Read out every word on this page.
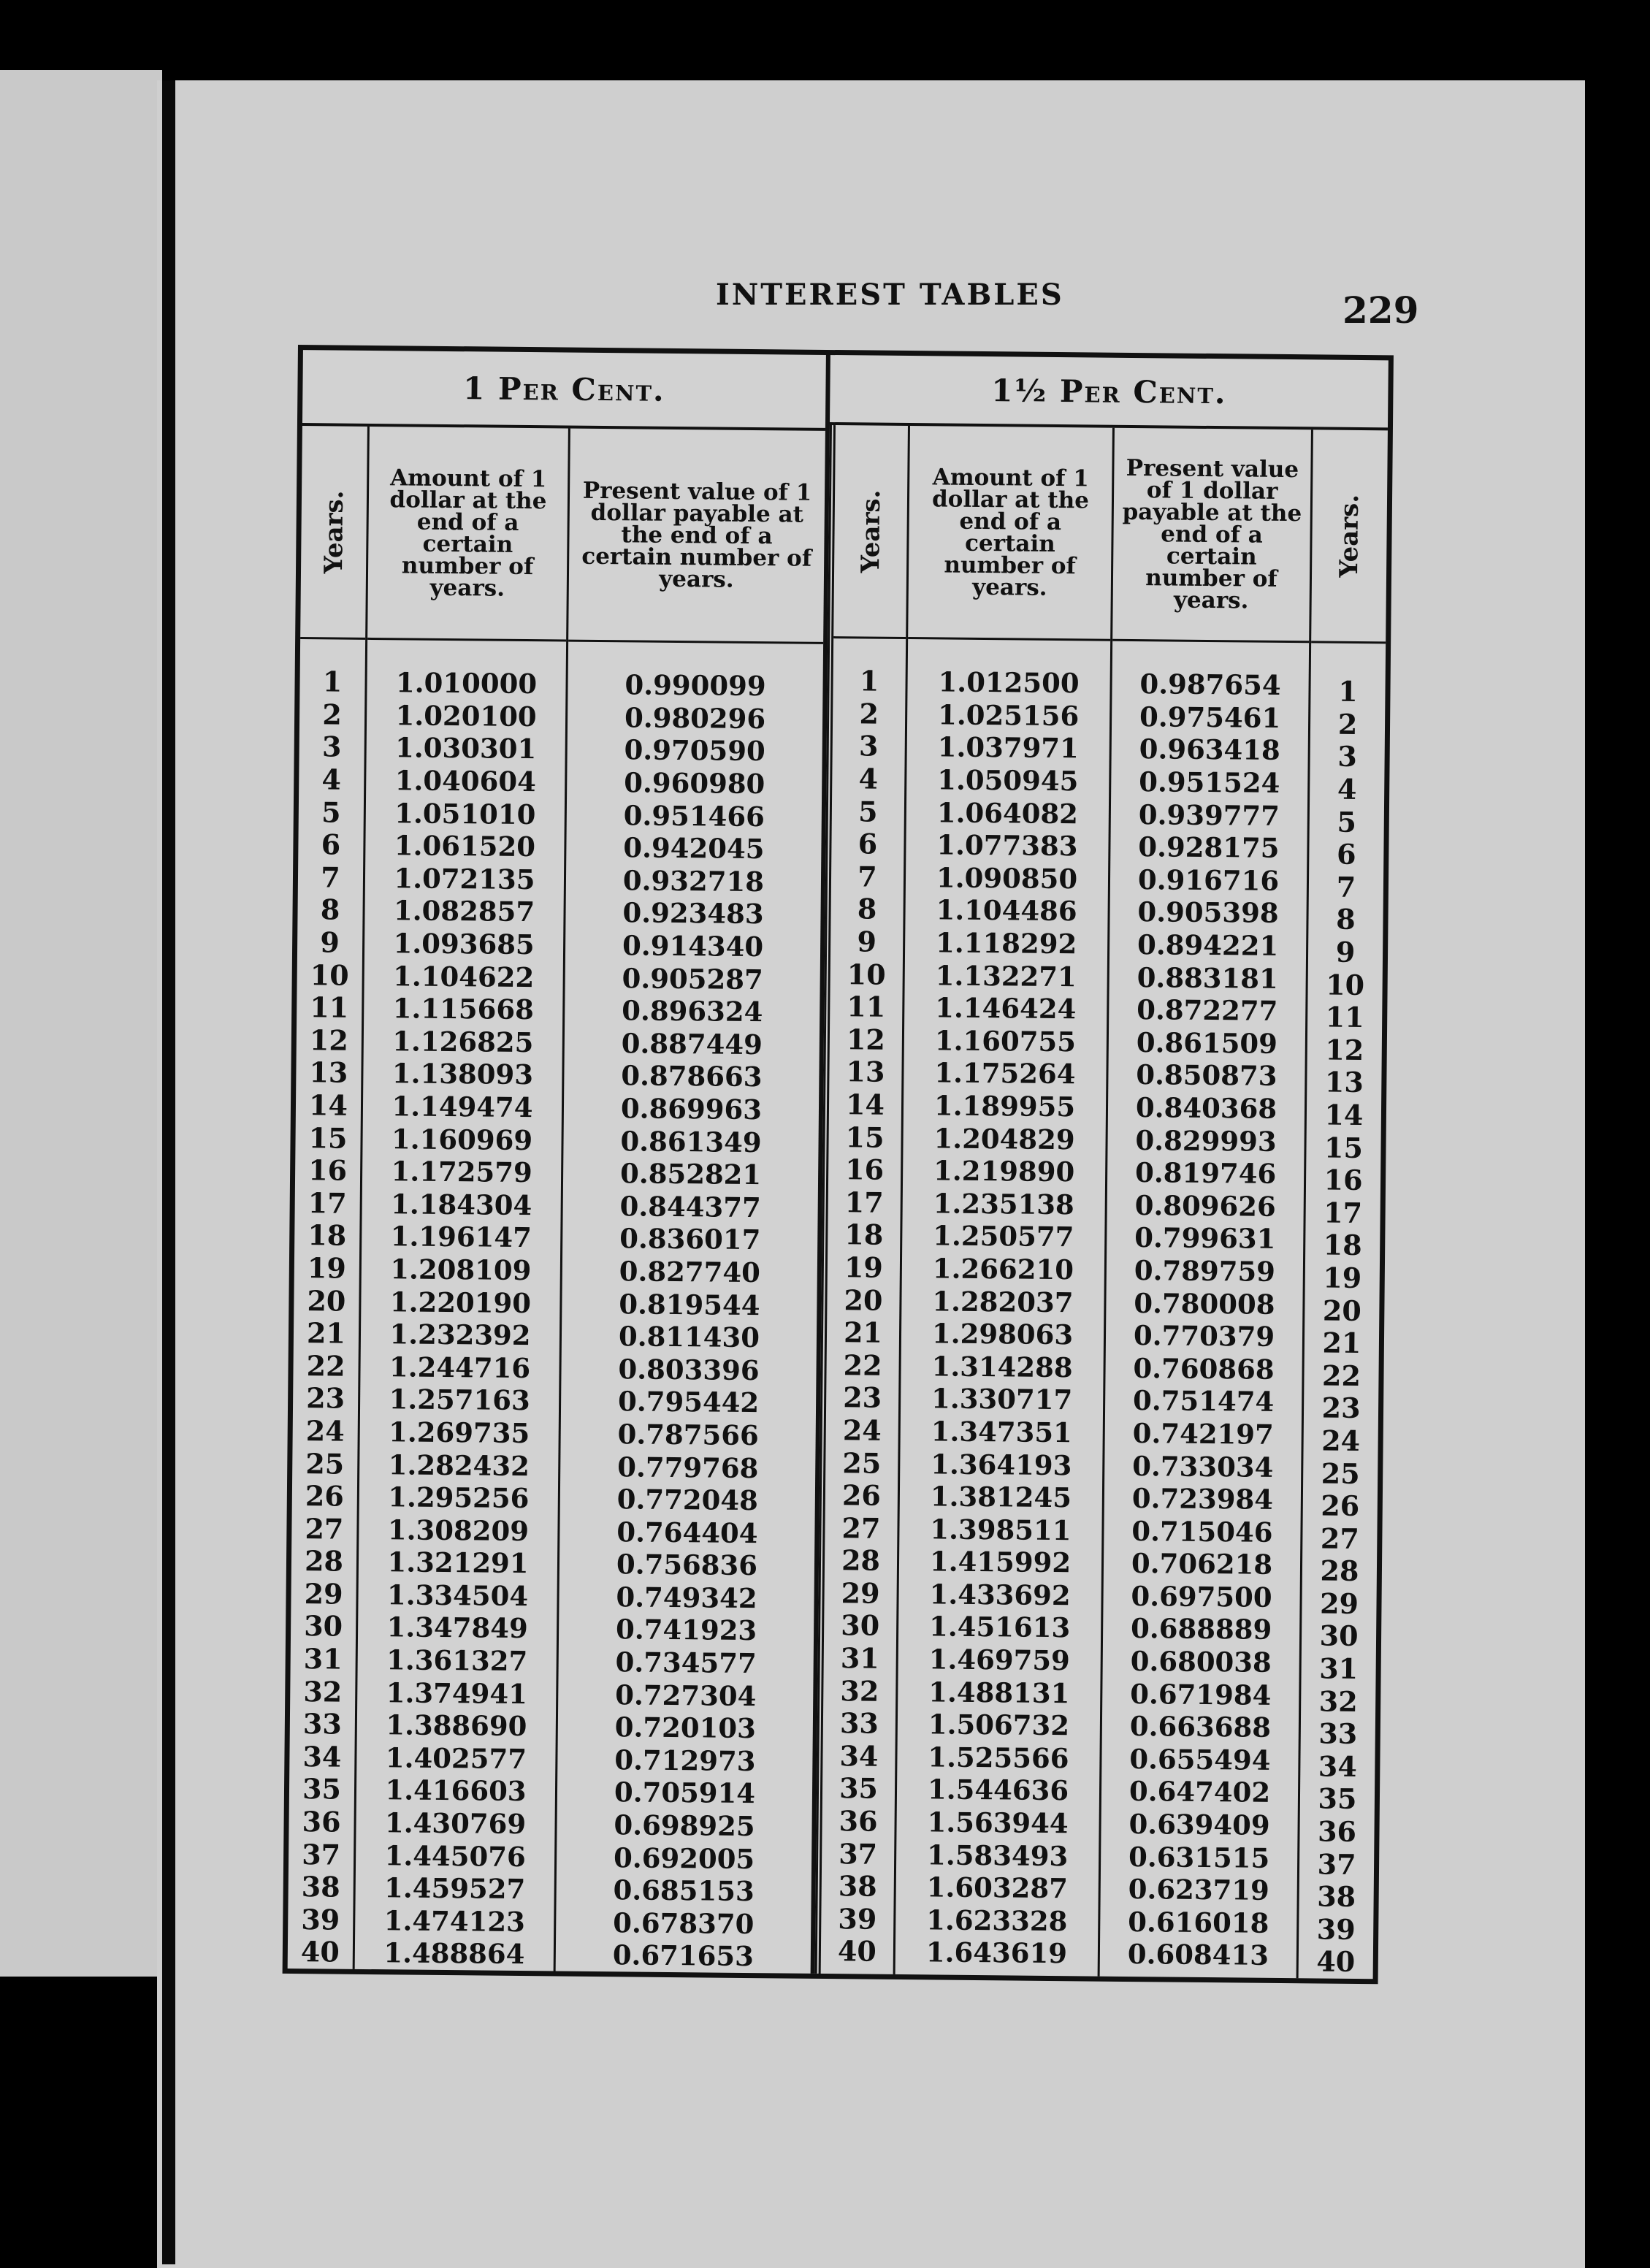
INTEREST TABLES	229
1 Per Cent.
Years.
1
2
3
4
5
6
7
8
9
10
11
12
13
14
15
16
17
18
19
20
21
22
23
24
25
26
27
28
29
30
31
32
33
34
35
36
37
38
39
40
Amount of 1 dollar at the end of a certain number of years.
1.010000
1.020100
1.030301
1.040604
1.051010
1.061520
1.072135
1.082857
1.093685
1.104622
1.115668
1.126825
1.138093
1.149474
1.160969
1.172579
1.184304
1.196147
1.208109
1.220190
1.232392
1.244716
1.257163
1.269735
1.282432
1.295256
1.308209
1.321291
1.334504
1.347849
1.361327
1.374941
1.388690
1.402577
1.416603
1.430769
1.445076
1.459527
1.474123
1.488864
Present value of 1 dollar payable at the end of a certain number of years.
0.990099
0.980296
0.970590
0.960980
0.951466
0.942045
0.932718
0.923483
0.914340
0.905287
0.896324
0.887449
0.878663
0.869963
0.861349
0.852821
0.844377
0.836017
0.827740
0.819544
0.811430
0.803396
0.795442
0.787566
0.779768
0.772048
0.764404
0.756836
0.749342
0.741923
0.734577
0.727304
0.720103
0.712973
0.705914
0.698925
0.692005
0.685153
0.678370
0.671653
1½ Per Cent.
Years.
1
2
3
4
5
6
7
8
9
10
11
12
13
14
15
16
17
18
19
20
21
22
23
24
25
26
27
28
29
30
31
32
33
34
35
36
37
38
39
40
Amount of 1 dollar at the end of a certain number of years.
1.012500
1.025156
1.037971
1.050945
1.064082
1.077383
1.090850
1.104486
1.118292
1.132271
1.146424
1.160755
1.175264
1.189955
1.204829
1.219890
1.235138
1.250577
1.266210
1.282037
1.298063
1.314288
1.330717
1.347351
1.364193
1.381245
1.398511
1.415992
1.433692
1.451613
1.469759
1.488131
1.506732
1.525566
1.544636
1.563944
1.583493
1.603287
1.623328
1.643619
Present value of 1 dollar payable at the end of a certain number of years.
0.987654
0.975461
0.963418
0.951524
0.939777
0.928175
0.916716
0.905398
0.894221
0.883181
0.872277
0.861509
0.850873
0.840368
0.829993
0.819746
0.809626
0.799631
0.789759
0.780008
0.770379
0.760868
0.751474
0.742197
0.733034
0.723984
0.715046
0.706218
0.697500
0.688889
0.680038
0.671984
0.663688
0.655494
0.647402
0.639409
0.631515
0.623719
0.616018
0.608413
Years.
1
2
3
4
5
6
7
8
9
10
11
12
13
14
15
16
17
18
19
20
21
22
23
24
25
26
27
28
29
30
31
32
33
34
35
36
37
38
39
40
